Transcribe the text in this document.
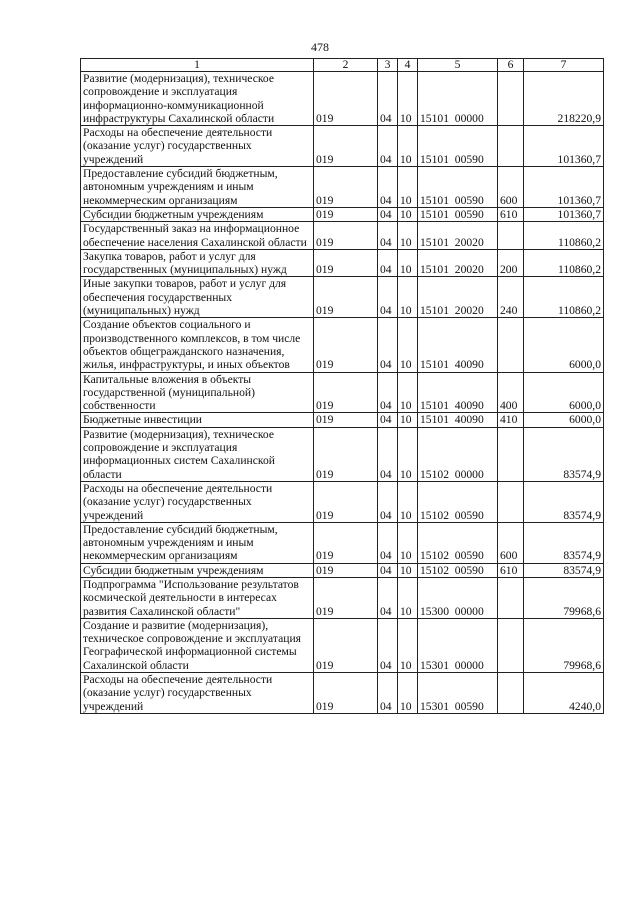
478
1	2	3	4	5	6	7
Развитие (модернизация), техническое сопровождение и эксплуатация информационно-коммуникационной инфраструктуры Сахалинской области	019	04	10	15101  00000		218220,9
Расходы на обеспечение деятельности (оказание услуг) государственных учреждений	019	04	10	15101  00590		101360,7
Предоставление субсидий бюджетным, автономным учреждениям и иным некоммерческим организациям	019	04	10	15101  00590	600	101360,7
Субсидии бюджетным учреждениям	019	04	10	15101  00590	610	101360,7
Государственный заказ на информационное обеспечение населения Сахалинской области	019	04	10	15101  20020		110860,2
Закупка товаров, работ и услуг для государственных (муниципальных) нужд	019	04	10	15101  20020	200	110860,2
Иные закупки товаров, работ и услуг для обеспечения государственных (муниципальных) нужд	019	04	10	15101  20020	240	110860,2
Создание объектов социального и производственного комплексов, в том числе объектов общегражданского назначения, жилья, инфраструктуры, и иных объектов	019	04	10	15101  40090		6000,0
Капитальные вложения в объекты государственной (муниципальной) собственности	019	04	10	15101  40090	400	6000,0
Бюджетные инвестиции	019	04	10	15101  40090	410	6000,0
Развитие (модернизация), техническое сопровождение и эксплуатация информационных систем Сахалинской области	019	04	10	15102  00000		83574,9
Расходы на обеспечение деятельности (оказание услуг) государственных учреждений	019	04	10	15102  00590		83574,9
Предоставление субсидий бюджетным, автономным учреждениям и иным некоммерческим организациям	019	04	10	15102  00590	600	83574,9
Субсидии бюджетным учреждениям	019	04	10	15102  00590	610	83574,9
Подпрограмма "Использование результатов космической деятельности в интересах развития Сахалинской области"	019	04	10	15300  00000		79968,6
Создание и развитие (модернизация), техническое сопровождение и эксплуатация Географической информационной системы Сахалинской области	019	04	10	15301  00000		79968,6
Расходы на обеспечение деятельности (оказание услуг) государственных учреждений	019	04	10	15301  00590		4240,0
